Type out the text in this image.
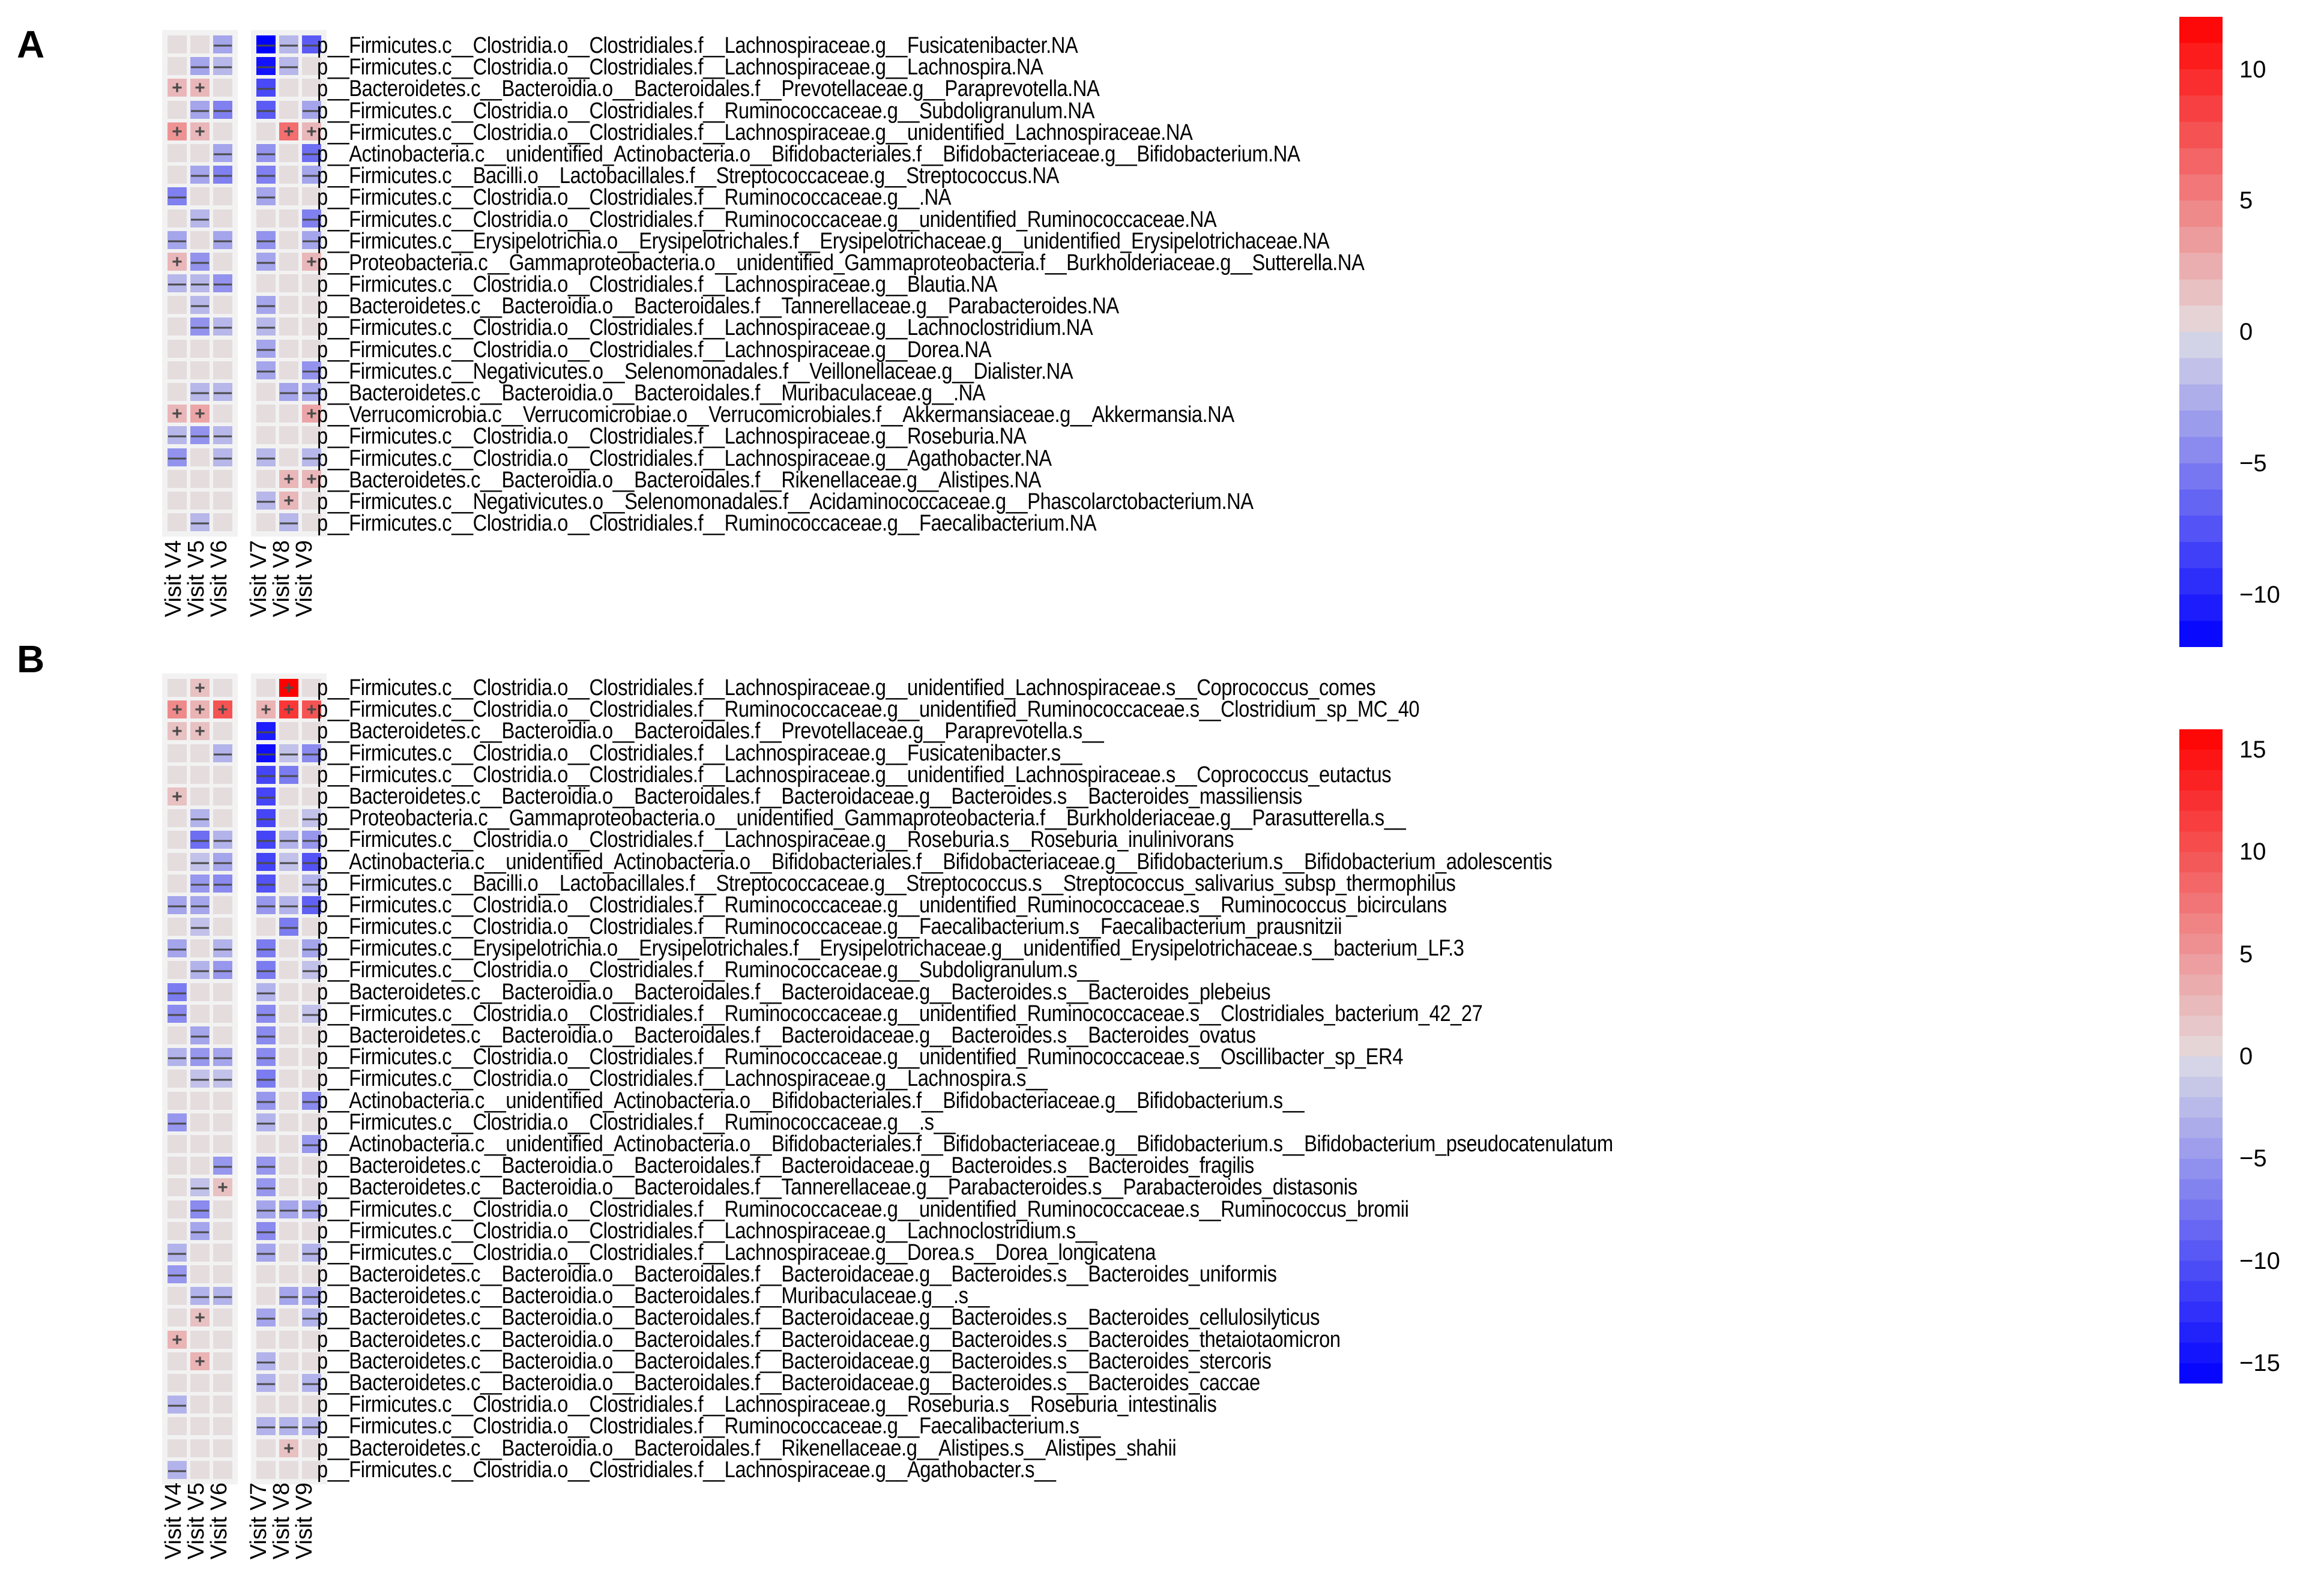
A
B
—
— —
+ +
— —
+ +
—
— —
—
—
— —
+ —
— — —
—
— —
— —
+ +
— — —
— —
—
— — —
— —
—
— —
+ +
— —
— —
—
—
— —
— +
—
—
—
— —
— —
+
— —
+ +
— +
—
p__Firmicutes.c__Clostridia.o__Clostridiales.f__Lachnospiraceae.g__Fusicatenibacter.NA
p__Firmicutes.c__Clostridia.o__Clostridiales.f__Lachnospiraceae.g__Lachnospira.NA
p__Bacteroidetes.c__Bacteroidia.o__Bacteroidales.f__Prevotellaceae.g__Paraprevotella.NA
p__Firmicutes.c__Clostridia.o__Clostridiales.f__Ruminococcaceae.g__Subdoligranulum.NA
p__Firmicutes.c__Clostridia.o__Clostridiales.f__Lachnospiraceae.g__unidentified_Lachnospiraceae.NA
p__Actinobacteria.c__unidentified_Actinobacteria.o__Bifidobacteriales.f__Bifidobacteriaceae.g__Bifidobacterium.NA
p__Firmicutes.c__Bacilli.o__Lactobacillales.f__Streptococcaceae.g__Streptococcus.NA
p__Firmicutes.c__Clostridia.o__Clostridiales.f__Ruminococcaceae.g__.NA
p__Firmicutes.c__Clostridia.o__Clostridiales.f__Ruminococcaceae.g__unidentified_Ruminococcaceae.NA
p__Firmicutes.c__Erysipelotrichia.o__Erysipelotrichales.f__Erysipelotrichaceae.g__unidentified_Erysipelotrichaceae.NA
p__Proteobacteria.c__Gammaproteobacteria.o__unidentified_Gammaproteobacteria.f__Burkholderiaceae.g__Sutterella.NA
p__Firmicutes.c__Clostridia.o__Clostridiales.f__Lachnospiraceae.g__Blautia.NA
p__Bacteroidetes.c__Bacteroidia.o__Bacteroidales.f__Tannerellaceae.g__Parabacteroides.NA
p__Firmicutes.c__Clostridia.o__Clostridiales.f__Lachnospiraceae.g__Lachnoclostridium.NA
p__Firmicutes.c__Clostridia.o__Clostridiales.f__Lachnospiraceae.g__Dorea.NA
p__Firmicutes.c__Negativicutes.o__Selenomonadales.f__Veillonellaceae.g__Dialister.NA
p__Bacteroidetes.c__Bacteroidia.o__Bacteroidales.f__Muribaculaceae.g__.NA
p__Verrucomicrobia.c__Verrucomicrobiae.o__Verrucomicrobiales.f__Akkermansiaceae.g__Akkermansia.NA
p__Firmicutes.c__Clostridia.o__Clostridiales.f__Lachnospiraceae.g__Roseburia.NA
p__Firmicutes.c__Clostridia.o__Clostridiales.f__Lachnospiraceae.g__Agathobacter.NA
p__Bacteroidetes.c__Bacteroidia.o__Bacteroidales.f__Rikenellaceae.g__Alistipes.NA
p__Firmicutes.c__Negativicutes.o__Selenomonadales.f__Acidaminococcaceae.g__Phascolarctobacterium.NA
p__Firmicutes.c__Clostridia.o__Clostridiales.f__Ruminococcaceae.g__Faecalibacterium.NA
Visit V4
Visit V5
Visit V6 Visit V7
Visit V8
Visit V9
10
5
0
−5
−10
+
+ + +
+ +
—
+
—
— —
— —
— —
— —
—
— —
— —
—
—
—
— — —
— —
—
—
— +
—
—
—
—
— —
+
+
+
—
—
+
+ + +
—
— — —
— —
—
— —
— — —
— — —
— —
— — —
—
— —
— —
—
— —
—
—
—
— —
—
—
—
—
— — —
—
— —
— —
— —
—
— —
— — —
+
p__Firmicutes.c__Clostridia.o__Clostridiales.f__Lachnospiraceae.g__unidentified_Lachnospiraceae.s__Coprococcus_comes
p__Firmicutes.c__Clostridia.o__Clostridiales.f__Ruminococcaceae.g__unidentified_Ruminococcaceae.s__Clostridium_sp_MC_40
p__Bacteroidetes.c__Bacteroidia.o__Bacteroidales.f__Prevotellaceae.g__Paraprevotella.s__
p__Firmicutes.c__Clostridia.o__Clostridiales.f__Lachnospiraceae.g__Fusicatenibacter.s__
p__Firmicutes.c__Clostridia.o__Clostridiales.f__Lachnospiraceae.g__unidentified_Lachnospiraceae.s__Coprococcus_eutactus
p__Bacteroidetes.c__Bacteroidia.o__Bacteroidales.f__Bacteroidaceae.g__Bacteroides.s__Bacteroides_massiliensis
p__Proteobacteria.c__Gammaproteobacteria.o__unidentified_Gammaproteobacteria.f__Burkholderiaceae.g__Parasutterella.s__
p__Firmicutes.c__Clostridia.o__Clostridiales.f__Lachnospiraceae.g__Roseburia.s__Roseburia_inulinivorans
p__Actinobacteria.c__unidentified_Actinobacteria.o__Bifidobacteriales.f__Bifidobacteriaceae.g__Bifidobacterium.s__Bifidobacterium_adolescentis
p__Firmicutes.c__Bacilli.o__Lactobacillales.f__Streptococcaceae.g__Streptococcus.s__Streptococcus_salivarius_subsp_thermophilus
p__Firmicutes.c__Clostridia.o__Clostridiales.f__Ruminococcaceae.g__unidentified_Ruminococcaceae.s__Ruminococcus_bicirculans
p__Firmicutes.c__Clostridia.o__Clostridiales.f__Ruminococcaceae.g__Faecalibacterium.s__Faecalibacterium_prausnitzii
p__Firmicutes.c__Erysipelotrichia.o__Erysipelotrichales.f__Erysipelotrichaceae.g__unidentified_Erysipelotrichaceae.s__bacterium_LF.3
p__Firmicutes.c__Clostridia.o__Clostridiales.f__Ruminococcaceae.g__Subdoligranulum.s__
p__Bacteroidetes.c__Bacteroidia.o__Bacteroidales.f__Bacteroidaceae.g__Bacteroides.s__Bacteroides_plebeius
p__Firmicutes.c__Clostridia.o__Clostridiales.f__Ruminococcaceae.g__unidentified_Ruminococcaceae.s__Clostridiales_bacterium_42_27
p__Bacteroidetes.c__Bacteroidia.o__Bacteroidales.f__Bacteroidaceae.g__Bacteroides.s__Bacteroides_ovatus
p__Firmicutes.c__Clostridia.o__Clostridiales.f__Ruminococcaceae.g__unidentified_Ruminococcaceae.s__Oscillibacter_sp_ER4
p__Firmicutes.c__Clostridia.o__Clostridiales.f__Lachnospiraceae.g__Lachnospira.s__
p__Actinobacteria.c__unidentified_Actinobacteria.o__Bifidobacteriales.f__Bifidobacteriaceae.g__Bifidobacterium.s__
p__Firmicutes.c__Clostridia.o__Clostridiales.f__Ruminococcaceae.g__.s__
p__Actinobacteria.c__unidentified_Actinobacteria.o__Bifidobacteriales.f__Bifidobacteriaceae.g__Bifidobacterium.s__Bifidobacterium_pseudocatenulatum
p__Bacteroidetes.c__Bacteroidia.o__Bacteroidales.f__Bacteroidaceae.g__Bacteroides.s__Bacteroides_fragilis
p__Bacteroidetes.c__Bacteroidia.o__Bacteroidales.f__Tannerellaceae.g__Parabacteroides.s__Parabacteroides_distasonis
p__Firmicutes.c__Clostridia.o__Clostridiales.f__Ruminococcaceae.g__unidentified_Ruminococcaceae.s__Ruminococcus_bromii
p__Firmicutes.c__Clostridia.o__Clostridiales.f__Lachnospiraceae.g__Lachnoclostridium.s__
p__Firmicutes.c__Clostridia.o__Clostridiales.f__Lachnospiraceae.g__Dorea.s__Dorea_longicatena
p__Bacteroidetes.c__Bacteroidia.o__Bacteroidales.f__Bacteroidaceae.g__Bacteroides.s__Bacteroides_uniformis
p__Bacteroidetes.c__Bacteroidia.o__Bacteroidales.f__Muribaculaceae.g__.s__
p__Bacteroidetes.c__Bacteroidia.o__Bacteroidales.f__Bacteroidaceae.g__Bacteroides.s__Bacteroides_cellulosilyticus
p__Bacteroidetes.c__Bacteroidia.o__Bacteroidales.f__Bacteroidaceae.g__Bacteroides.s__Bacteroides_thetaiotaomicron
p__Bacteroidetes.c__Bacteroidia.o__Bacteroidales.f__Bacteroidaceae.g__Bacteroides.s__Bacteroides_stercoris
p__Bacteroidetes.c__Bacteroidia.o__Bacteroidales.f__Bacteroidaceae.g__Bacteroides.s__Bacteroides_caccae
p__Firmicutes.c__Clostridia.o__Clostridiales.f__Lachnospiraceae.g__Roseburia.s__Roseburia_intestinalis
p__Firmicutes.c__Clostridia.o__Clostridiales.f__Ruminococcaceae.g__Faecalibacterium.s__
p__Bacteroidetes.c__Bacteroidia.o__Bacteroidales.f__Rikenellaceae.g__Alistipes.s__Alistipes_shahii
p__Firmicutes.c__Clostridia.o__Clostridiales.f__Lachnospiraceae.g__Agathobacter.s__
Visit V4
Visit V5
Visit V6 Visit V7
Visit V8
Visit V9
15
10
5
0
−5
−10
−15
